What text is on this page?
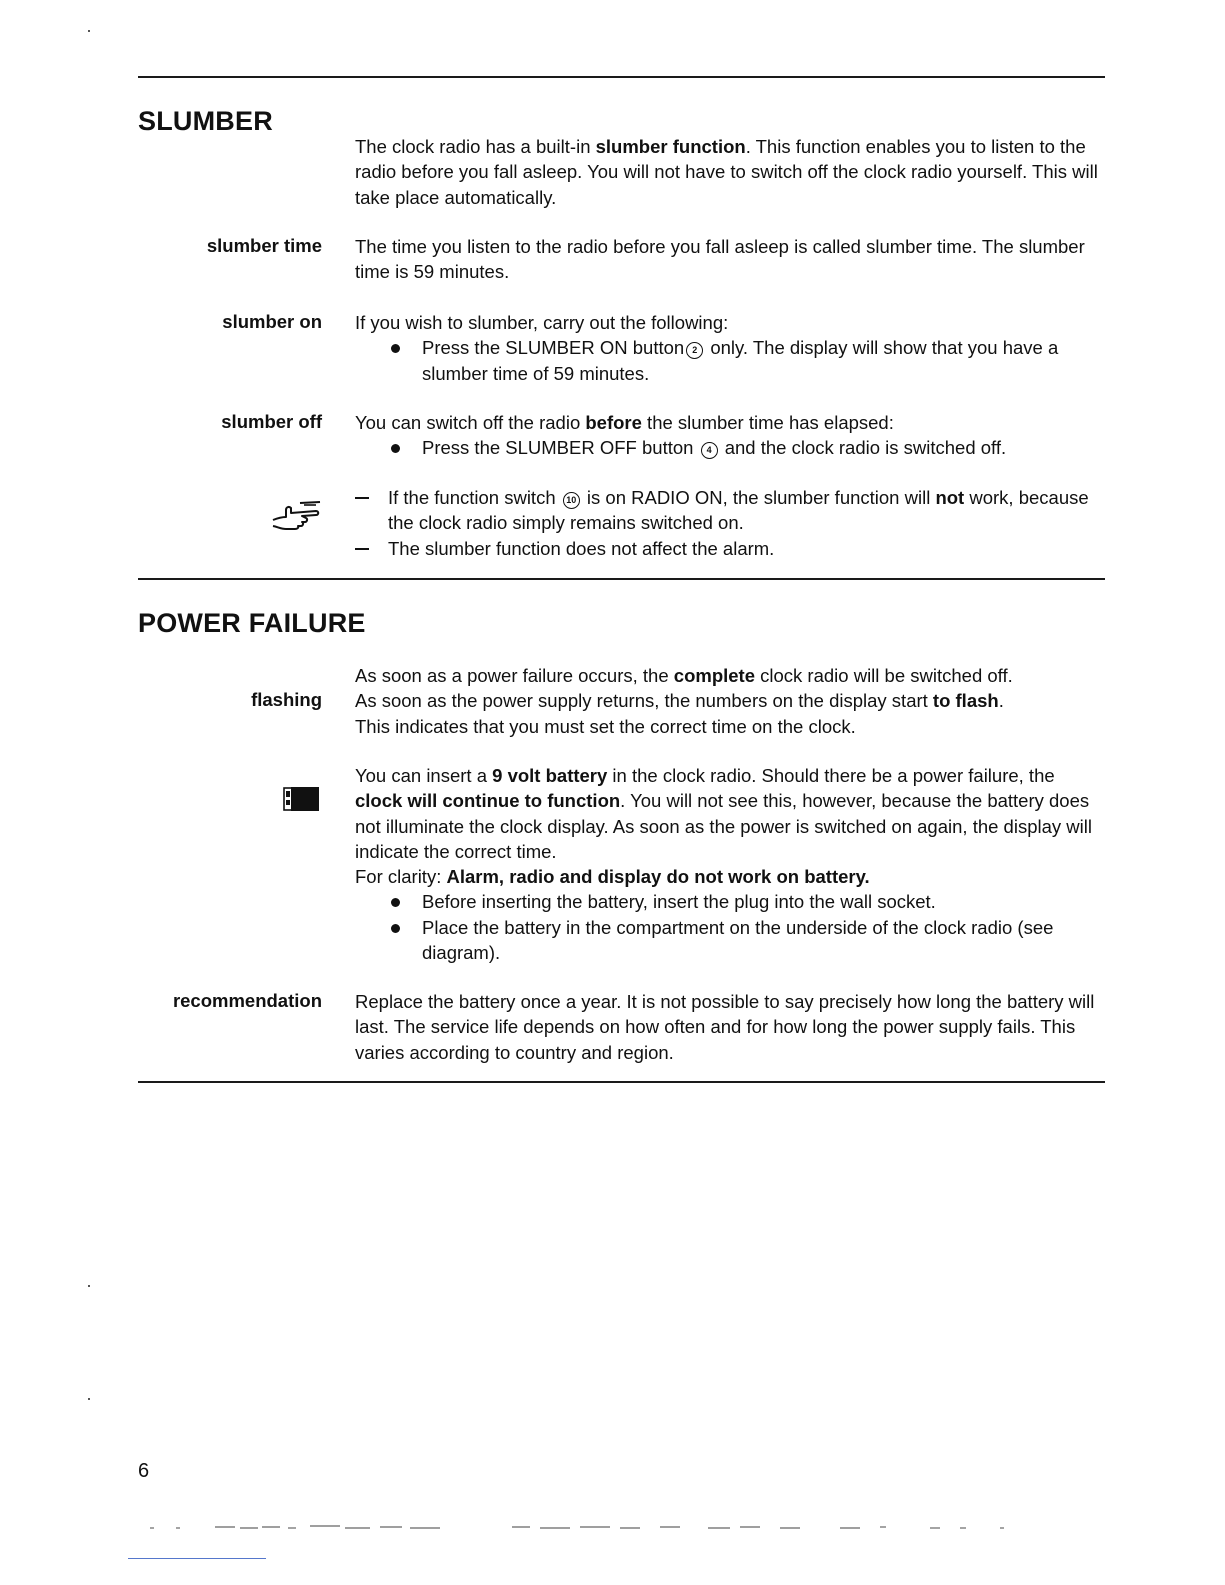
SLUMBER

The clock radio has a built-in slumber function. This function enables you to listen to the radio before you fall asleep. You will not have to switch off the clock radio yourself. This will take place automatically.

slumber time The time you listen to the radio before you fall asleep is called slumber time. The slumber time is 59 minutes.

slumber on If you wish to slumber, carry out the following:

Press the SLUMBER ON button 2 only. The display will show that you have a slumber time of 59 minutes.
slumber off You can switch off the radio before the slumber time has elapsed:

Press the SLUMBER OFF button 4 and the clock radio is switched off.
If the function switch 10 is on RADIO ON, the slumber function will not work, because the clock radio simply remains switched on.
The slumber function does not affect the alarm.
POWER FAILURE

As soon as a power failure occurs, the complete clock radio will be switched off.

As soon as the power supply returns, the numbers on the display start to flash.

This indicates that you must set the correct time on the clock.

flashing

You can insert a 9 volt battery in the clock radio. Should there be a power failure, the clock will continue to function. You will not see this, however, because the battery does not illuminate the clock display. As soon as the power is switched on again, the display will indicate the correct time.

For clarity: Alarm, radio and display do not work on battery.

Before inserting the battery, insert the plug into the wall socket.
Place the battery in the compartment on the underside of the clock radio (see diagram).
recommendation Replace the battery once a year. It is not possible to say precisely how long the battery will last. The service life depends on how often and for how long the power supply fails. This varies according to country and region.

6
